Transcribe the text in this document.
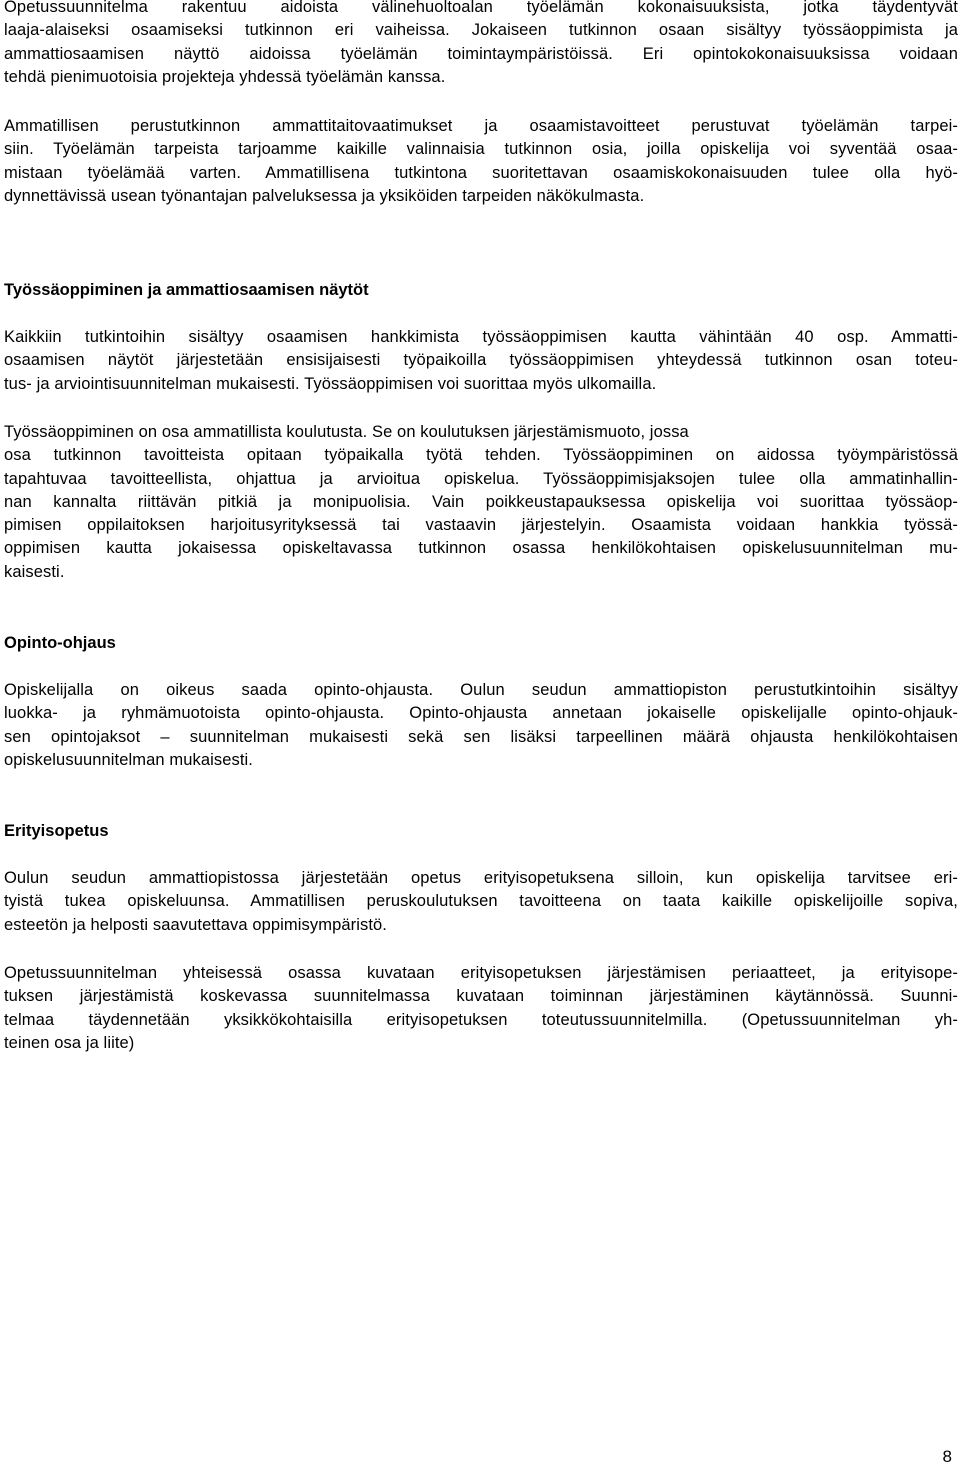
Opetussuunnitelma rakentuu aidoista välinehuoltoalan työelämän kokonaisuuksista, jotka täydentyvät
laaja-alaiseksi osaamiseksi tutkinnon eri vaiheissa. Jokaiseen tutkinnon osaan sisältyy työssäoppimista ja
ammattiosaamisen näyttö aidoissa työelämän toimintaympäristöissä. Eri opintokokonaisuuksissa voidaan
tehdä pienimuotoisia projekteja yhdessä työelämän kanssa.

Ammatillisen perustutkinnon ammattitaitovaatimukset ja osaamistavoitteet perustuvat työelämän tarpei-
siin. Työelämän tarpeista tarjoamme kaikille valinnaisia tutkinnon osia, joilla opiskelija voi syventää osaa-
mistaan työelämää varten. Ammatillisena tutkintona suoritettavan osaamiskokonaisuuden tulee olla hyö-
dynnettävissä usean työnantajan palveluksessa ja yksiköiden tarpeiden näkökulmasta.

Työssäoppiminen ja ammattiosaamisen näytöt

Kaikkiin tutkintoihin sisältyy osaamisen hankkimista työssäoppimisen kautta vähintään 40 osp. Ammatti-
osaamisen näytöt järjestetään ensisijaisesti työpaikoilla työssäoppimisen yhteydessä tutkinnon osan toteu-
tus- ja arviointisuunnitelman mukaisesti. Työssäoppimisen voi suorittaa myös ulkomailla.

Työssäoppiminen on osa ammatillista koulutusta. Se on koulutuksen järjestämismuoto, jossa
osa tutkinnon tavoitteista opitaan työpaikalla työtä tehden. Työssäoppiminen on aidossa työympäristössä
tapahtuvaa tavoitteellista, ohjattua ja arvioitua opiskelua. Työssäoppimisjaksojen tulee olla ammatinhallin-
nan kannalta riittävän pitkiä ja monipuolisia. Vain poikkeustapauksessa opiskelija voi suorittaa työssäop-
pimisen oppilaitoksen harjoitusyrityksessä tai vastaavin järjestelyin. Osaamista voidaan hankkia työssä-
oppimisen kautta jokaisessa opiskeltavassa tutkinnon osassa henkilökohtaisen opiskelusuunnitelman mu-
kaisesti.

Opinto-ohjaus

Opiskelijalla on oikeus saada opinto-ohjausta. Oulun seudun ammattiopiston perustutkintoihin sisältyy
luokka- ja ryhmämuotoista opinto-ohjausta. Opinto-ohjausta annetaan jokaiselle opiskelijalle opinto-ohjauk-
sen opintojaksot – suunnitelman mukaisesti sekä sen lisäksi tarpeellinen määrä ohjausta henkilökohtaisen
opiskelusuunnitelman mukaisesti.

Erityisopetus

Oulun seudun ammattiopistossa järjestetään opetus erityisopetuksena silloin, kun opiskelija tarvitsee eri-
tyistä tukea opiskeluunsa. Ammatillisen peruskoulutuksen tavoitteena on taata kaikille opiskelijoille sopiva,
esteetön ja helposti saavutettava oppimisympäristö.

Opetussuunnitelman yhteisessä osassa kuvataan erityisopetuksen järjestämisen periaatteet, ja erityisope-
tuksen järjestämistä koskevassa suunnitelmassa kuvataan toiminnan järjestäminen käytännössä. Suunni-
telmaa täydennetään yksikkökohtaisilla erityisopetuksen toteutussuunnitelmilla. (Opetussuunnitelman yh-
teinen osa ja liite)

8
